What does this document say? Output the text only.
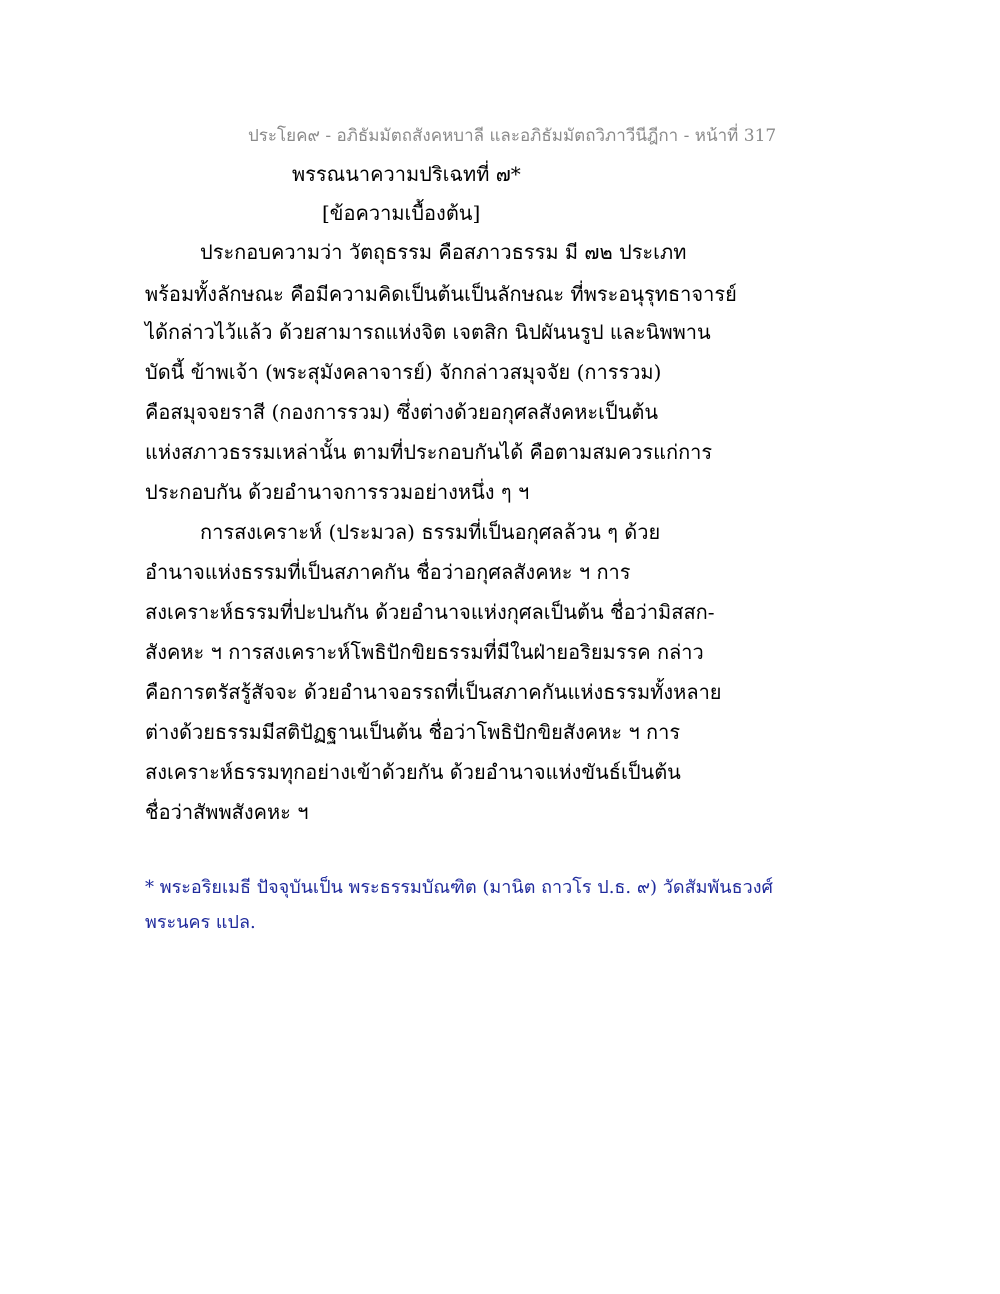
ประโยค๙ - อภิธัมมัตถสังคหบาลี และอภิธัมมัตถวิภาวีนีฎีกา - หน้าที่ 317
พรรณนาความปริเฉทที่ ๗*
[ข้อความเบื้องต้น]
ประกอบความว่า วัตถุธรรม คือสภาวธรรม มี ๗๒ ประเภท
พร้อมทั้งลักษณะ คือมีความคิดเป็นต้นเป็นลักษณะ ที่พระอนุรุทธาจารย์
ได้กล่าวไว้แล้ว ด้วยสามารถแห่งจิต เจตสิก นิปผันนรูป และนิพพาน
บัดนี้ ข้าพเจ้า (พระสุมังคลาจารย์) จักกล่าวสมุจจัย (การรวม)
คือสมุจจยราสี (กองการรวม) ซึ่งต่างด้วยอกุศลสังคหะเป็นต้น
แห่งสภาวธรรมเหล่านั้น ตามที่ประกอบกันได้ คือตามสมควรแก่การ
ประกอบกัน ด้วยอำนาจการรวมอย่างหนึ่ง ๆ ฯ
การสงเคราะห์ (ประมวล) ธรรมที่เป็นอกุศลล้วน ๆ ด้วย
อำนาจแห่งธรรมที่เป็นสภาคกัน ชื่อว่าอกุศลสังคหะ ฯ การ
สงเคราะห์ธรรมที่ปะปนกัน ด้วยอำนาจแห่งกุศลเป็นต้น ชื่อว่ามิสสก-
สังคหะ ฯ การสงเคราะห์โพธิปักขิยธรรมที่มีในฝ่ายอริยมรรค กล่าว
คือการตรัสรู้สัจจะ ด้วยอำนาจอรรถที่เป็นสภาคกันแห่งธรรมทั้งหลาย
ต่างด้วยธรรมมีสติปัฏฐานเป็นต้น ชื่อว่าโพธิปักขิยสังคหะ ฯ การ
สงเคราะห์ธรรมทุกอย่างเข้าด้วยกัน ด้วยอำนาจแห่งขันธ์เป็นต้น
ชื่อว่าสัพพสังคหะ ฯ
* พระอริยเมธี ปัจจุบันเป็น พระธรรมบัณฑิต (มานิต ถาวโร ป.ธ. ๙) วัดสัมพันธวงศ์
พระนคร แปล.
